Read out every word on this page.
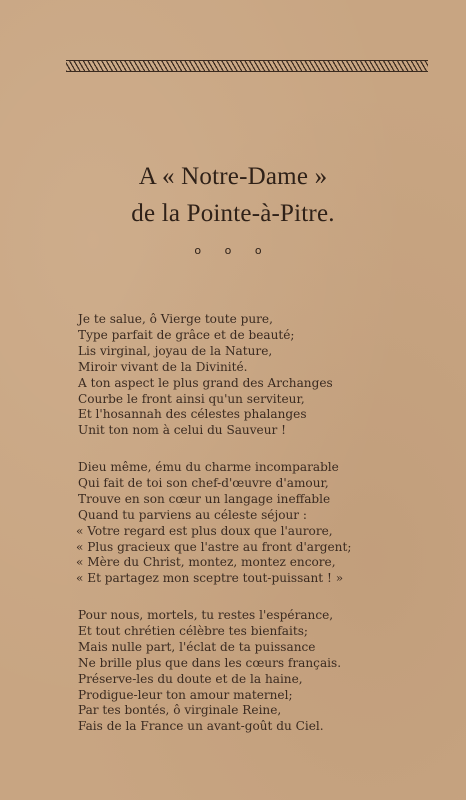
A « Notre-Dame »
de la Pointe-à-Pitre.
o o o
Je te salue, ô Vierge toute pure,
Type parfait de grâce et de beauté;
Lis virginal, joyau de la Nature,
Miroir vivant de la Divinité.
A ton aspect le plus grand des Archanges
Courbe le front ainsi qu'un serviteur,
Et l'hosannah des célestes phalanges
Unit ton nom à celui du Sauveur !
Dieu même, ému du charme incomparable
Qui fait de toi son chef-d'œuvre d'amour,
Trouve en son cœur un langage ineffable
Quand tu parviens au céleste séjour :
« Votre regard est plus doux que l'aurore,
« Plus gracieux que l'astre au front d'argent;
« Mère du Christ, montez, montez encore,
« Et partagez mon sceptre tout-puissant ! »
Pour nous, mortels, tu restes l'espérance,
Et tout chrétien célèbre tes bienfaits;
Mais nulle part, l'éclat de ta puissance
Ne brille plus que dans les cœurs français.
Préserve-les du doute et de la haine,
Prodigue-leur ton amour maternel;
Par tes bontés, ô virginale Reine,
Fais de la France un avant-goût du Ciel.
